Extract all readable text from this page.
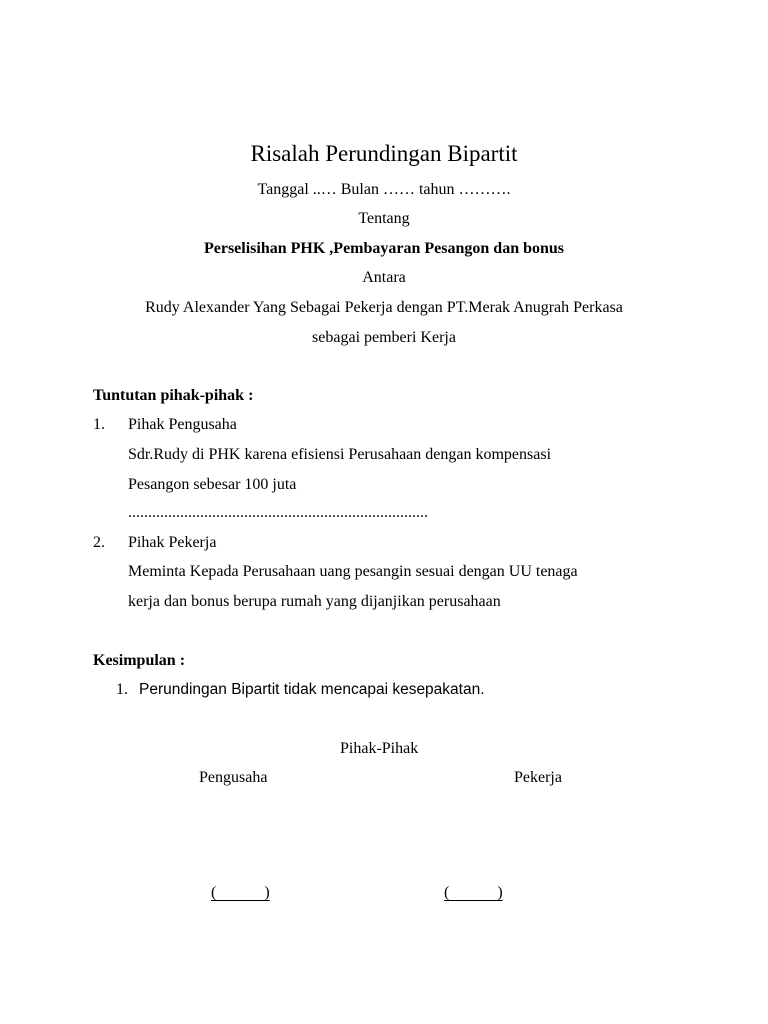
Risalah Perundingan Bipartit
Tanggal ..… Bulan …… tahun ……….
Tentang
Perselisihan PHK ,Pembayaran Pesangon dan bonus
Antara
Rudy Alexander Yang Sebagai Pekerja dengan PT.Merak Anugrah Perkasa
sebagai pemberi Kerja
Tuntutan pihak-pihak :
1. Pihak Pengusaha
Sdr.Rudy di PHK karena efisiensi Perusahaan dengan kompensasi
Pesangon sebesar 100 juta
...........................................................................
2. Pihak Pekerja
Meminta Kepada Perusahaan uang pesangin sesuai dengan UU tenaga
kerja dan bonus berupa rumah yang dijanjikan perusahaan
Kesimpulan :
1. Perundingan Bipartit tidak mencapai kesepakatan.
Pihak-Pihak
Pengusaha	Pekerja
(            )	(            )
